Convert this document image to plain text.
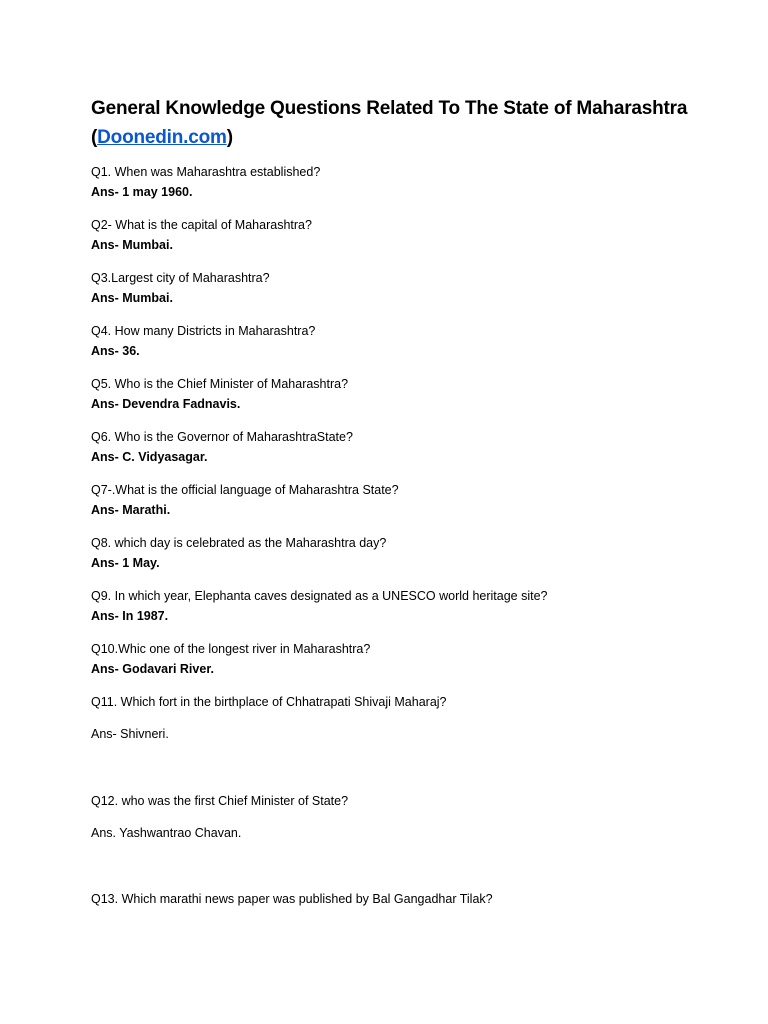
General Knowledge Questions Related To The State of Maharashtra
(Doonedin.com)
Q1. When was Maharashtra established?
Ans- 1 may 1960.
Q2- What is the capital of Maharashtra?
Ans- Mumbai.
Q3.Largest city of Maharashtra?
Ans- Mumbai.
Q4. How many Districts in Maharashtra?
Ans- 36.
Q5. Who is the Chief Minister of Maharashtra?
Ans- Devendra Fadnavis.
Q6. Who is the Governor of MaharashtraState?
Ans- C. Vidyasagar.
Q7-.What is the official language of Maharashtra State?
Ans- Marathi.
Q8. which day is celebrated as the Maharashtra day?
Ans- 1 May.
Q9. In which year, Elephanta caves designated as a UNESCO world heritage site?
Ans- In 1987.
Q10.Whic one of the longest river in Maharashtra?
Ans- Godavari River.
Q11. Which fort in the birthplace of Chhatrapati Shivaji Maharaj?
Ans- Shivneri.
Q12. who was the first Chief Minister of State?
Ans. Yashwantrao Chavan.
Q13. Which marathi news paper was published by Bal Gangadhar Tilak?
